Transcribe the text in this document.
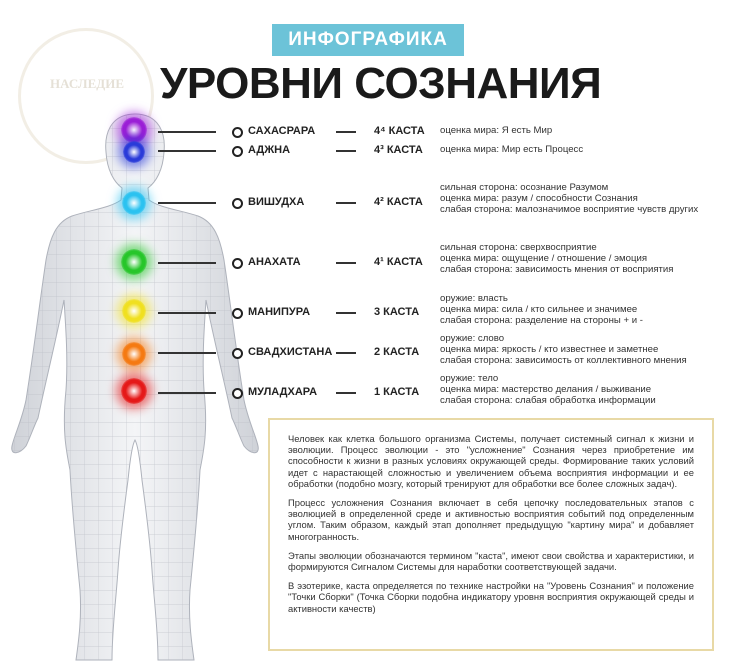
НАСЛЕДИЕ
ИНФОГРАФИКА
УРОВНИ СОЗНАНИЯ
САХАСРАРА	4⁴ КАСТА оценка мира: Я есть Мир
АДЖНА	4³ КАСТА оценка мира: Мир есть Процесс
ВИШУДХА	4² КАСТА
сильная сторона: осознание Разумом
оценка мира: разум / способности Сознания
слабая сторона: малозначимое восприятие чувств других
АНАХАТА	4¹ КАСТА
сильная сторона: сверхвосприятие
оценка мира: ощущение / отношение / эмоция
слабая сторона: зависимость мнения от восприятия
МАНИПУРА	3 КАСТА
оружие: власть
оценка мира: сила / кто сильнее и значимее
слабая сторона: разделение на стороны + и -
СВАДХИСТАНА	2 КАСТА
оружие: слово
оценка мира: яркость / кто известнее и заметнее
слабая сторона: зависимость от коллективного мнения
МУЛАДХАРА	1 КАСТА
оружие: тело
оценка мира: мастерство делания / выживание
слабая сторона: слабая обработка информации

Человек как клетка большого организма Системы, получает системный сигнал к жизни и эволюции. Процесс эволюции - это "усложнение" Сознания через приобретение им способности к жизни в разных условиях окружающей среды. Формирование таких условий идет с нарастающей сложностью и увеличением объема восприятия информации и ее обработки (подобно мозгу, который тренируют для обработки все более сложных задач).

Процесс усложнения Сознания включает в себя цепочку последовательных этапов с эволюцией в определенной среде и активностью восприятия событий под определенным углом. Таким образом, каждый этап дополняет предыдущую "картину мира" и добавляет многогранность.

Этапы эволюции обозначаются термином "каста", имеют свои свойства и характеристики, и формируются Сигналом Системы для наработки соответствующей задачи.

В эзотерике, каста определяется по технике настройки на "Уровень Сознания" и положение "Точки Сборки" (Точка Сборки подобна индикатору уровня восприятия окружающей среды и активности качеств)
